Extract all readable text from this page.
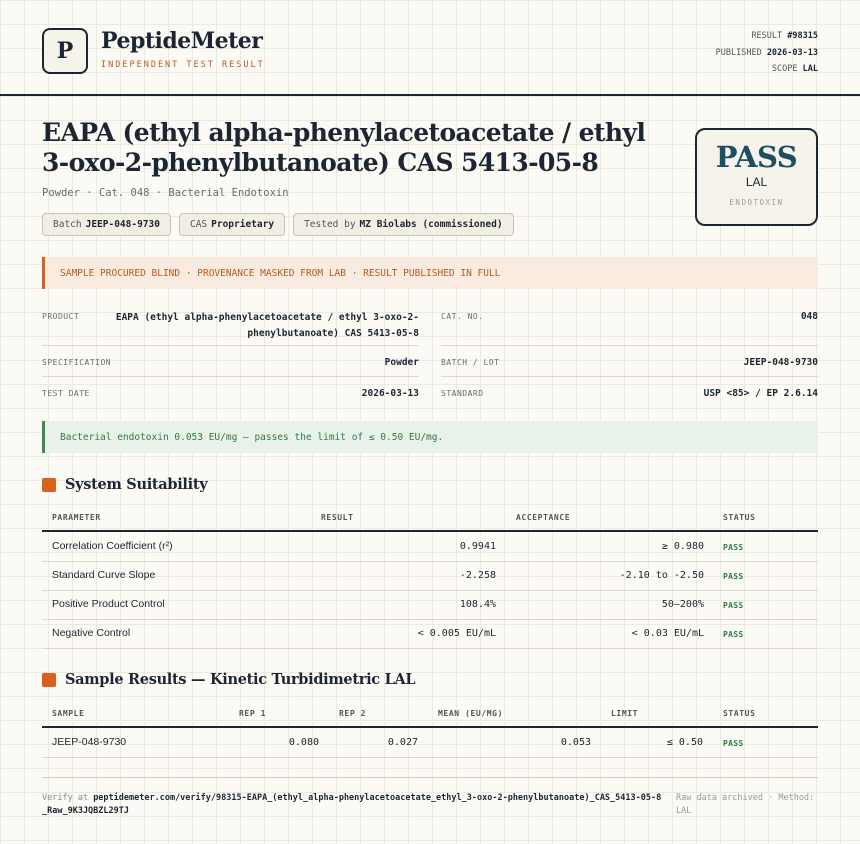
P	PeptideMeter
INDEPENDENT TEST RESULT
RESULT #98315
PUBLISHED 2026-03-13
SCOPE LAL
EAPA (ethyl alpha-phenylacetoacetate / ethyl 3-oxo-2-phenylbutanoate) CAS 5413-05-8
Powder · Cat. 048 · Bacterial Endotoxin
Batch JEEP-048-9730	CAS Proprietary	Tested by MZ Biolabs (commissioned)
PASS
LAL
ENDOTOXIN
SAMPLE PROCURED BLIND · PROVENANCE MASKED FROM LAB · RESULT PUBLISHED IN FULL
PRODUCT	EAPA (ethyl alpha-phenylacetoacetate / ethyl 3-oxo-2-
phenylbutanoate) CAS 5413-05-8
CAT. NO.	048
SPECIFICATION	Powder	BATCH / LOT	JEEP-048-9730
TEST DATE	2026-03-13	STANDARD	USP <85> / EP 2.6.14
Bacterial endotoxin 0.053 EU/mg — passes the limit of ≤ 0.50 EU/mg.
System Suitability
PARAMETER	RESULT	ACCEPTANCE	STATUS
Correlation Coefficient (r²)	0.9941	≥ 0.980 PASS
Standard Curve Slope	-2.258	-2.10 to -2.50 PASS
Positive Product Control	108.4%	50–200% PASS
Negative Control	< 0.005 EU/mL	< 0.03 EU/mL PASS
Sample Results — Kinetic Turbidimetric LAL
SAMPLE	REP 1	REP 2	MEAN (EU/MG)	LIMIT	STATUS
JEEP-048-9730	0.080	0.027	0.053	≤ 0.50	PASS
Verify at peptidemeter.com/verify/98315-EAPA_(ethyl_alpha-phenylacetoacetate_ethyl_3-oxo-2-phenylbutanoate)_CAS_5413-05-8_Raw_9K3JQBZL29TJ
Raw data archived · Method: LAL
